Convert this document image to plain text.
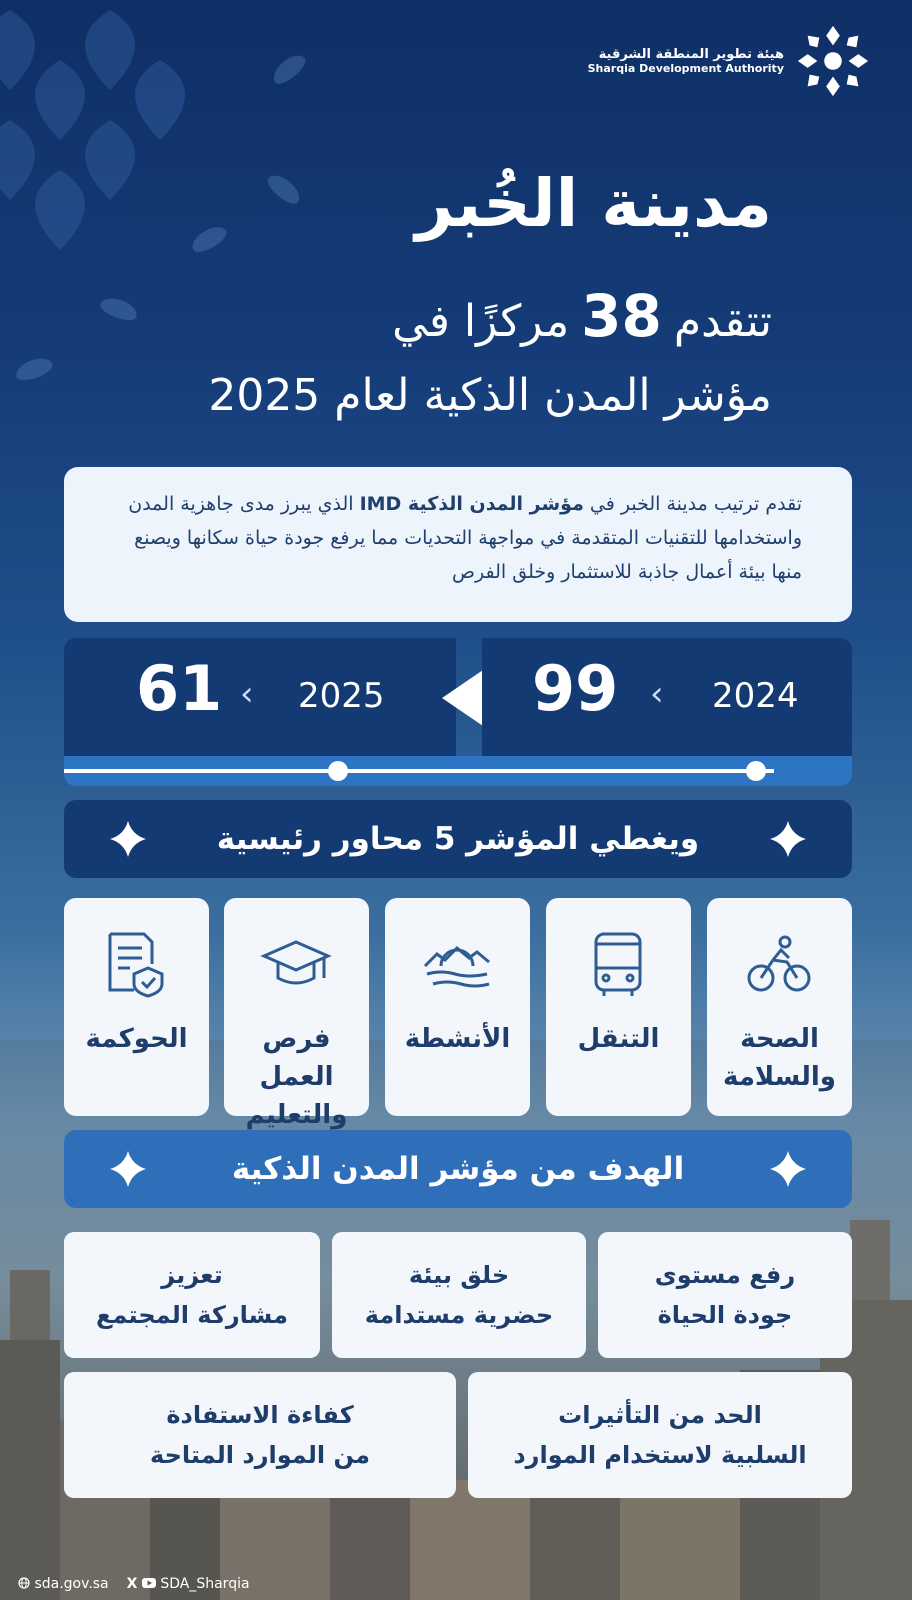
هيئة تطوير المنطقة الشرقية
Sharqia Development Authority
مدينة الخُبر
تتقدم38مركزًا في
مؤشر المدن الذكية لعام 2025
تقدم ترتيب مدينة الخبر في مؤشر المدن الذكية IMD الذي يبرز مدى جاهزية المدن واستخدامها للتقنيات المتقدمة في مواجهة التحديات مما يرفع جودة حياة سكانها ويصنع منها بيئة أعمال جاذبة للاستثمار وخلق الفرص
61 ‹ 2025 99 ‹ 2024
ويغطي المؤشر 5 محاور رئيسية
الصحة والسلامة
التنقل
الأنشطة
فرص العمل والتعليم
الحوكمة
الهدف من مؤشر المدن الذكية
رفع مستوى
جودة الحياة
خلق بيئة
حضرية مستدامة
تعزيز
مشاركة المجتمع
الحد من التأثيرات
السلبية لاستخدام الموارد
كفاءة الاستفادة
من الموارد المتاحة
sda.gov.sa X SDA_Sharqia
